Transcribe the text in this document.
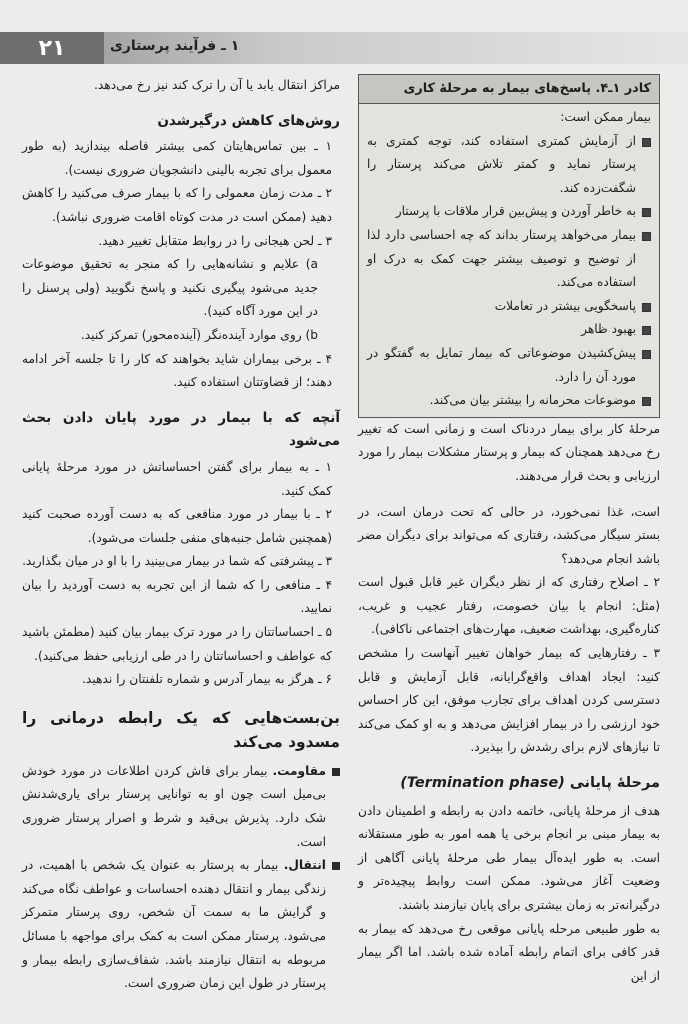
۲۱	۱ ـ فرآیند پرستاری

مراکز انتقال یابد یا آن را ترک کند نیز رخ می‌دهد.

روش‌های کاهش درگیرشدن

۱ ـ بین تماس‌هایتان کمی بیشتر فاصله بیندازید (به طور معمول برای تجربه بالینی دانشجویان ضروری نیست).

۲ ـ مدت زمان معمولی را که با بیمار صرف می‌کنید را کاهش دهید (ممکن است در مدت کوتاه اقامت ضروری نباشد).

۳ ـ لحن هیجانی را در روابط متقابل تغییر دهید.

a) علایم و نشانه‌هایی را که منجر به تحقیق موضوعات جدید می‌شود پیگیری نکنید و پاسخ نگویید (ولی پرسنل را در این مورد آگاه کنید).

b) روی موارد آینده‌نگر (آینده‌محور) تمرکز کنید.

۴ ـ برخی بیماران شاید بخواهند که کار را تا جلسه آخر ادامه دهند؛ از قضاوتتان استفاده کنید.

آنچه که با بیمار در مورد پایان دادن بحث می‌شود

۱ ـ به بیمار برای گفتن احساساتش در مورد مرحلهٔ پایانی کمک کنید.

۲ ـ با بیمار در مورد منافعی که به دست آورده صحبت کنید (همچنین شامل جنبه‌های منفی جلسات می‌شود).

۳ ـ پیشرفتی که شما در بیمار می‌بینید را با او در میان بگذارید.

۴ ـ منافعی را که شما از این تجربه به دست آوردید را بیان نمایید.

۵ ـ احساساتتان را در مورد ترک بیمار بیان کنید (مطمئن باشید که عواطف و احساساتتان را در طی ارزیابی حفظ می‌کنید).

۶ ـ هرگز به بیمار آدرس و شماره تلفنتان را ندهید.

بن‌بست‌هایی که یک رابطه درمانی را مسدود می‌کند

مقاومت. بیمار برای فاش کردن اطلاعات در مورد خودش بی‌میل است چون او به توانایی پرستار برای یاری‌شدنش شک دارد. پذیرش بی‌قید و شرط و اصرار پرستار ضروری است.

انتقال. بیمار به پرستار به عنوان یک شخص با اهمیت، در زندگی بیمار و انتقال دهنده احساسات و عواطف نگاه می‌کند و گرایش ما به سمت آن شخص، روی پرستار متمرکز می‌شود. پرستار ممکن است به کمک برای مواجهه با مسائل مربوطه به انتقال نیازمند باشد. شفاف‌سازی رابطه بیمار و پرستار در طول این زمان ضروری است.

کادر ۱ـ۴. پاسخ‌های بیمار به مرحلهٔ کاری

بیمار ممکن است:

از آزمایش کمتری استفاده کند، توجه کمتری به پرستار نماید و کمتر تلاش می‌کند پرستار را شگفت‌زده کند.

به خاطر آوردن و پیش‌بین قرار ملاقات با پرستار

بیمار می‌خواهد پرستار بداند که چه احساسی دارد لذا از توضیح و توصیف بیشتر جهت کمک به درک او استفاده می‌کند.

پاسخگویی بیشتر در تعاملات

بهبود ظاهر

پیش‌کشیدن موضوعاتی که بیمار تمایل به گفتگو در مورد آن را دارد.

موضوعات محرمانه را بیشتر بیان می‌کند.

مرحلهٔ کار برای بیمار دردناک است و زمانی است که تغییر رخ می‌دهد همچنان که بیمار و پرستار مشکلات بیمار را مورد ارزیابی و بحث قرار می‌دهند.

است، غذا نمی‌خورد، در حالی که تحت درمان است، در بستر سیگار می‌کشد، رفتاری که می‌تواند برای دیگران مضر باشد انجام می‌دهد؟

۲ ـ اصلاح رفتاری که از نظر دیگران غیر قابل قبول است (مثل: انجام یا بیان خصومت، رفتار عجیب و غریب، کناره‌گیری، بهداشت ضعیف، مهارت‌های اجتماعی ناکافی).

۳ ـ رفتارهایی که بیمار خواهان تغییر آنهاست را مشخص کنید: ایجاد اهداف واقع‌گرایانه، قابل آزمایش و قابل دسترسی کردن اهداف برای تجارب موفق، این کار احساس خود ارزشی را در بیمار افزایش می‌دهد و به او کمک می‌کند تا نیازهای لازم برای رشدش را بپذیرد.

مرحلهٔ پایانی (Termination phase)

هدف از مرحلهٔ پایانی، خاتمه دادن به رابطه و اطمینان دادن به بیمار مبنی بر انجام برخی یا همه امور به طور مستقلانه است. به طور ایده‌آل بیمار طی مرحلهٔ پایانی آگاهی از وضعیت آغاز می‌شود. ممکن است روابط پیچیده‌تر و درگیرانه‌تر به زمان بیشتری برای پایان نیازمند باشند.

به طور طبیعی مرحله پایانی موقعی رخ می‌دهد که بیمار به قدر کافی برای اتمام رابطه آماده شده باشد. اما اگر بیمار از این
